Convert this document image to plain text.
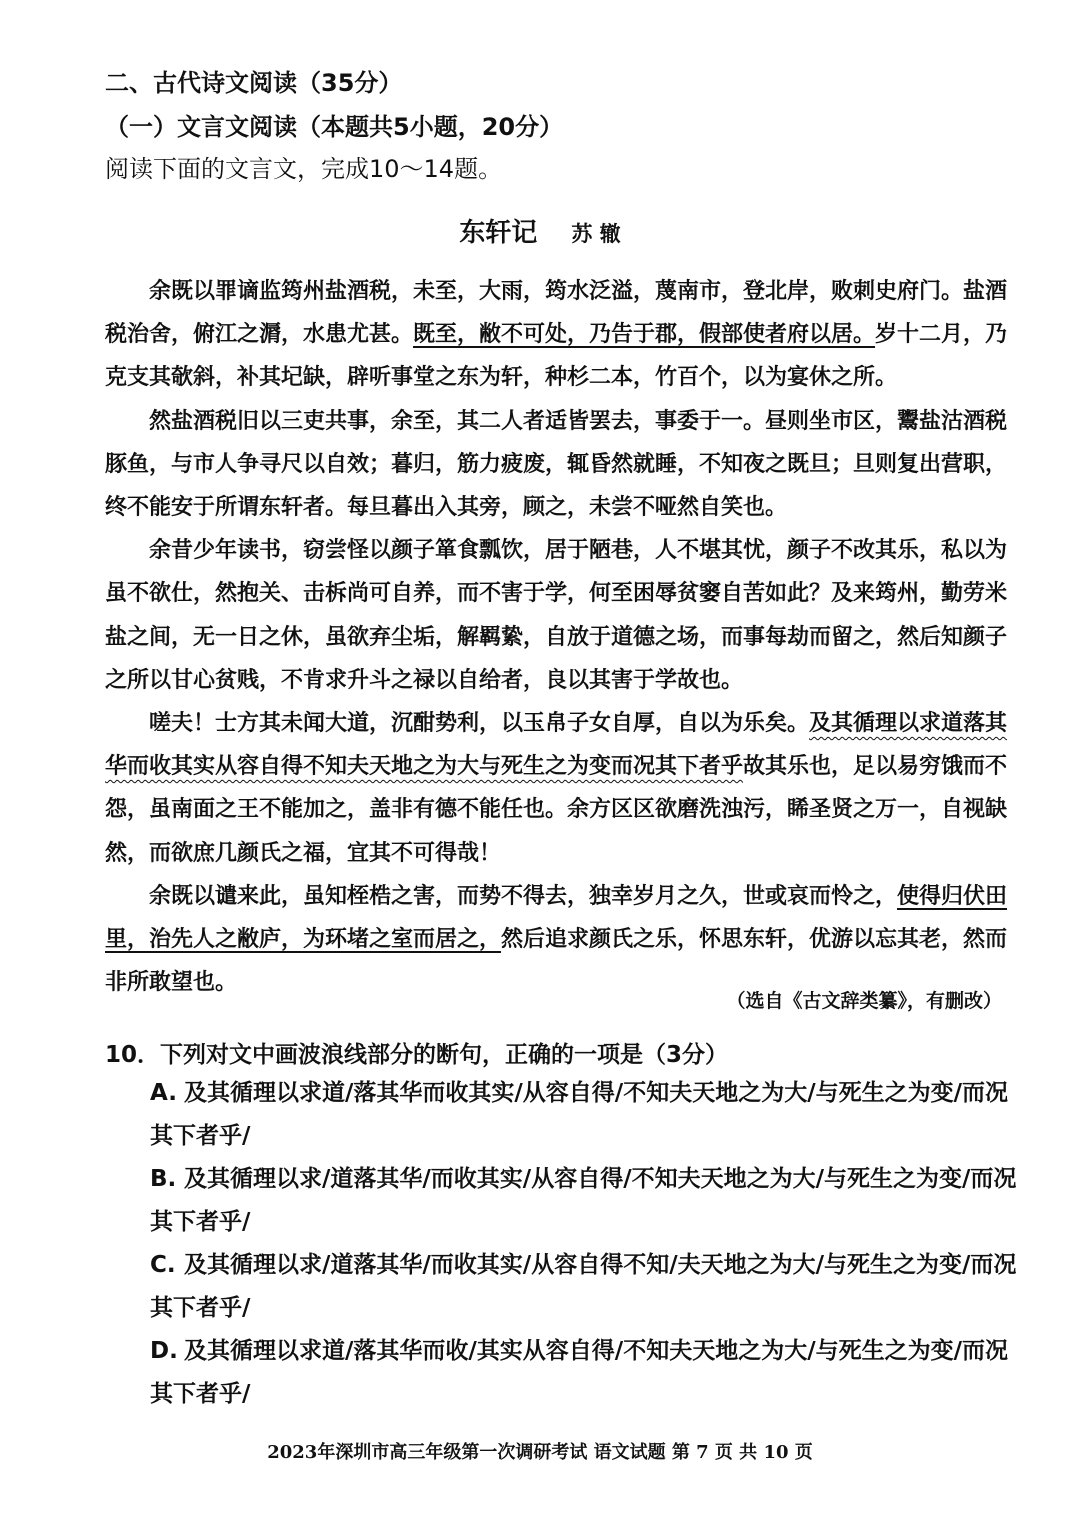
二、古代诗文阅读（35分）
（一）文言文阅读（本题共5小题，20分）
阅读下面的文言文，完成10～14题。
东轩记 苏 辙

余既以罪谪监筠州盐酒税，未至，大雨，筠水泛溢，蔑南市，登北岸，败刺史府门。盐酒税治舍，俯江之漘，水患尤甚。既至，敝不可处，乃告于郡，假部使者府以居。岁十二月，乃克支其欹斜，补其圮缺，辟听事堂之东为轩，种杉二本，竹百个，以为宴休之所。

然盐酒税旧以三吏共事，余至，其二人者适皆罢去，事委于一。昼则坐市区，鬻盐沽酒税豚鱼，与市人争寻尺以自效；暮归，筋力疲废，辄昏然就睡，不知夜之既旦；旦则复出营职，终不能安于所谓东轩者。每旦暮出入其旁，顾之，未尝不哑然自笑也。

余昔少年读书，窃尝怪以颜子箪食瓢饮，居于陋巷，人不堪其忧，颜子不改其乐，私以为虽不欲仕，然抱关、击柝尚可自养，而不害于学，何至困辱贫窭自苦如此？及来筠州，勤劳米盐之间，无一日之休，虽欲弃尘垢，解羁絷，自放于道德之场，而事每劫而留之，然后知颜子之所以甘心贫贱，不肯求升斗之禄以自给者，良以其害于学故也。

嗟夫！士方其未闻大道，沉酣势利，以玉帛子女自厚，自以为乐矣。及其循理以求道落其华而收其实从容自得不知夫天地之为大与死生之为变而况其下者乎故其乐也，足以易穷饿而不怨，虽南面之王不能加之，盖非有德不能任也。余方区区欲磨洗浊污，睎圣贤之万一，自视缺然，而欲庶几颜氏之福，宜其不可得哉！

余既以谴来此，虽知桎梏之害，而势不得去，独幸岁月之久，世或哀而怜之，使得归伏田里，治先人之敝庐，为环堵之室而居之，然后追求颜氏之乐，怀思东轩，优游以忘其老，然而非所敢望也。

（选自《古文辞类纂》，有删改）
10．下列对文中画波浪线部分的断句，正确的一项是（3分）
A. 及其循理以求道/落其华而收其实/从容自得/不知夫天地之为大/与死生之为变/而况其下者乎/
B. 及其循理以求/道落其华/而收其实/从容自得/不知夫天地之为大/与死生之为变/而况其下者乎/
C. 及其循理以求/道落其华/而收其实/从容自得不知/夫天地之为大/与死生之为变/而况其下者乎/
D. 及其循理以求道/落其华而收/其实从容自得/不知夫天地之为大/与死生之为变/而况其下者乎/
2023年深圳市高三年级第一次调研考试 语文试题 第 7 页 共 10 页
